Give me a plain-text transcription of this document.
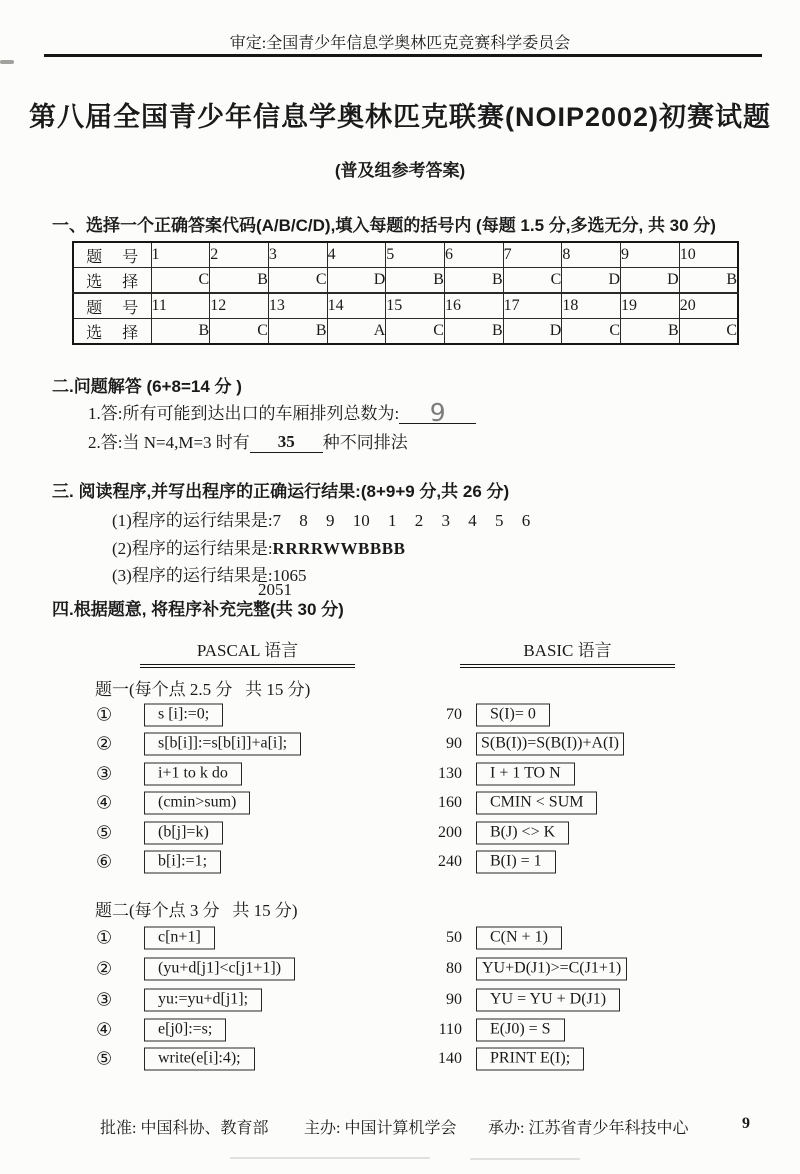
审定:全国青少年信息学奥林匹克竞赛科学委员会
第八届全国青少年信息学奥林匹克联赛(NOIP2002)初赛试题
(普及组参考答案)
一、选择一个正确答案代码(A/B/C/D),填入每题的括号内 (每题 1.5 分,多选无分, 共 30 分)
题 号	1	2	3	4	5	6	7	8	9	10
选 择	C	B	C	D	B	B	C	D	D	B
题 号	11	12	13	14	15	16	17	18	19	20
选 择	B	C	B	A	C	B	D	C	B	C
二.问题解答 (6+8=14 分 )
1.答:所有可能到达出口的车厢排列总数为: 9
2.答:当 N=4,M=3 时有 35 种不同排法
三. 阅读程序,并写出程序的正确运行结果:(8+9+9 分,共 26 分)
(1)程序的运行结果是:7 8 9 10 1 2 3 4 5 6
(2)程序的运行结果是:RRRRWWBBBB
(3)程序的运行结果是:1065
2051
四.根据题意, 将程序补充完整(共 30 分)
PASCAL 语言	BASIC 语言
题一(每个点 2.5 分   共 15 分)
①	s [i]:=0;	70	S(I)= 0
②	s[b[i]]:=s[b[i]]+a[i];	90	S(B(I))=S(B(I))+A(I)
③	i+1 to k do	130	I + 1 TO N
④	(cmin>sum)	160	CMIN < SUM
⑤	(b[j]=k)	200	B(J) <> K
⑥	b[i]:=1;	240	B(I) = 1
题二(每个点 3 分   共 15 分)
①	c[n+1]	50	C(N + 1)
②	(yu+d[j1]<c[j1+1])	80	YU+D(J1)>=C(J1+1)
③	yu:=yu+d[j1];	90	YU = YU + D(J1)
④	e[j0]:=s;	110	E(J0) = S
⑤	write(e[i]:4);	140	PRINT E(I);
批准: 中国科协、教育部 主办: 中国计算机学会 承办: 江苏省青少年科技中心	9
